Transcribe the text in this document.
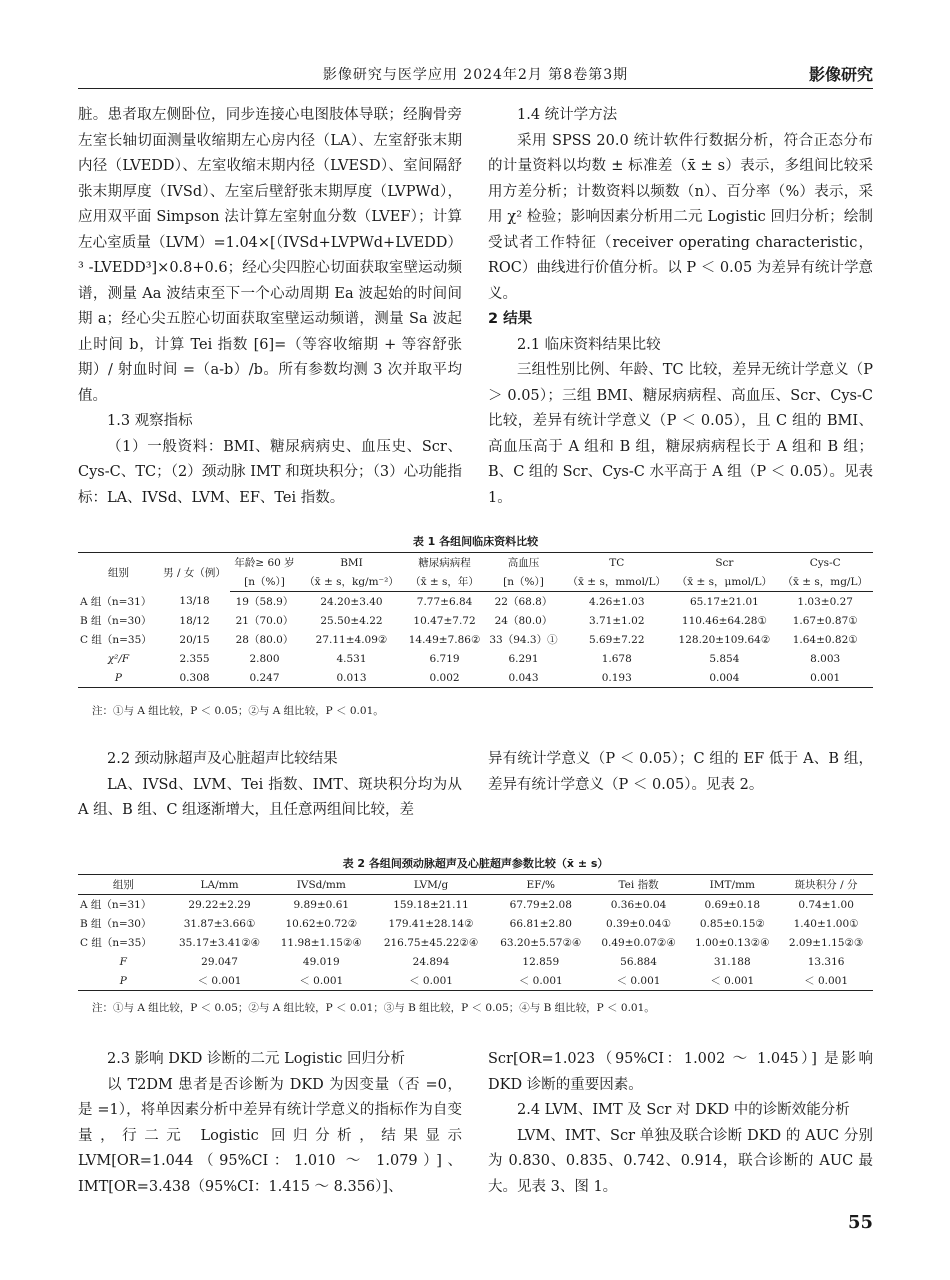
影像研究与医学应用 2024年2月 第8卷第3期	影像研究

脏。患者取左侧卧位，同步连接心电图肢体导联；经胸骨旁左室长轴切面测量收缩期左心房内径（LA）、左室舒张末期内径（LVEDD）、左室收缩末期内径（LVESD）、室间隔舒张末期厚度（IVSd）、左室后壁舒张末期厚度（LVPWd），应用双平面 Simpson 法计算左室射血分数（LVEF）；计算左心室质量（LVM）=1.04×[（IVSd+LVPWd+LVEDD）³ -LVEDD³]×0.8+0.6；经心尖四腔心切面获取室壁运动频谱，测量 Aa 波结束至下一个心动周期 Ea 波起始的时间间期 a；经心尖五腔心切面获取室壁运动频谱，测量 Sa 波起止时间 b，计算 Tei 指数 [6]=（等容收缩期 + 等容舒张期）/ 射血时间 =（a-b）/b。所有参数均测 3 次并取平均值。

1.3 观察指标

（1）一般资料：BMI、糖尿病病史、血压史、Scr、Cys-C、TC；（2）颈动脉 IMT 和斑块积分；（3）心功能指标：LA、IVSd、LVM、EF、Tei 指数。

1.4 统计学方法

采用 SPSS 20.0 统计软件行数据分析，符合正态分布的计量资料以均数 ± 标准差（x̄ ± s）表示，多组间比较采用方差分析；计数资料以频数（n）、百分率（%）表示，采用 χ² 检验；影响因素分析用二元 Logistic 回归分析；绘制受试者工作特征（receiver operating characteristic，ROC）曲线进行价值分析。以 P ＜ 0.05 为差异有统计学意义。

2 结果

2.1 临床资料结果比较

三组性别比例、年龄、TC 比较，差异无统计学意义（P ＞ 0.05）；三组 BMI、糖尿病病程、高血压、Scr、Cys-C 比较，差异有统计学意义（P ＜ 0.05），且 C 组的 BMI、高血压高于 A 组和 B 组，糖尿病病程长于 A 组和 B 组；B、C 组的 Scr、Cys-C 水平高于 A 组（P ＜ 0.05）。见表 1。

表 1 各组间临床资料比较
组别	男 / 女（例）	年龄≥ 60 岁	BMI	糖尿病病程	高血压	TC	Scr	Cys-C
		[n（%）]	（x̄ ± s，kg/m⁻²）	（x̄ ± s，年）	[n（%）]	（x̄ ± s，mmol/L）	（x̄ ± s，μmol/L）	（x̄ ± s，mg/L）
A 组（n=31）	13/18	19（58.9）	24.20±3.40	7.77±6.84	22（68.8）	4.26±1.03	65.17±21.01	1.03±0.27
B 组（n=30）	18/12	21（70.0）	25.50±4.22	10.47±7.72	24（80.0）	3.71±1.02	110.46±64.28①	1.67±0.87①
C 组（n=35）	20/15	28（80.0）	27.11±4.09②	14.49±7.86②	33（94.3）①	5.69±7.22	128.20±109.64②	1.64±0.82①
χ²/F	2.355	2.800	4.531	6.719	6.291	1.678	5.854	8.003
P	0.308	0.247	0.013	0.002	0.043	0.193	0.004	0.001
注：①与 A 组比较，P ＜ 0.05；②与 A 组比较，P ＜ 0.01。

2.2 颈动脉超声及心脏超声比较结果

LA、IVSd、LVM、Tei 指数、IMT、斑块积分均为从 A 组、B 组、C 组逐渐增大，且任意两组间比较，差

异有统计学意义（P ＜ 0.05）；C 组的 EF 低于 A、B 组，差异有统计学意义（P ＜ 0.05）。见表 2。

表 2 各组间颈动脉超声及心脏超声参数比较（x̄ ± s）
组别	LA/mm	IVSd/mm	LVM/g	EF/%	Tei 指数	IMT/mm	斑块积分 / 分
A 组（n=31）	29.22±2.29	9.89±0.61	159.18±21.11	67.79±2.08	0.36±0.04	0.69±0.18	0.74±1.00
B 组（n=30）	31.87±3.66①	10.62±0.72②	179.41±28.14②	66.81±2.80	0.39±0.04①	0.85±0.15②	1.40±1.00①
C 组（n=35）	35.17±3.41②④	11.98±1.15②④	216.75±45.22②④	63.20±5.57②④	0.49±0.07②④	1.00±0.13②④	2.09±1.15②③
F	29.047	49.019	24.894	12.859	56.884	31.188	13.316
P	＜ 0.001	＜ 0.001	＜ 0.001	＜ 0.001	＜ 0.001	＜ 0.001	＜ 0.001
注：①与 A 组比较，P ＜ 0.05；②与 A 组比较，P ＜ 0.01；③与 B 组比较，P ＜ 0.05；④与 B 组比较，P ＜ 0.01。

2.3 影响 DKD 诊断的二元 Logistic 回归分析

以 T2DM 患者是否诊断为 DKD 为因变量（否 =0，是 =1），将单因素分析中差异有统计学意义的指标作为自变量，行二元 Logistic 回归分析，结果显示 LVM[OR=1.044（95%CI：1.010 ～ 1.079）]、IMT[OR=3.438（95%CI：1.415 ～ 8.356）]、

Scr[OR=1.023（95%CI：1.002 ～ 1.045）] 是影响 DKD 诊断的重要因素。

2.4 LVM、IMT 及 Scr 对 DKD 中的诊断效能分析

LVM、IMT、Scr 单独及联合诊断 DKD 的 AUC 分别为 0.830、0.835、0.742、0.914，联合诊断的 AUC 最大。见表 3、图 1。

55
